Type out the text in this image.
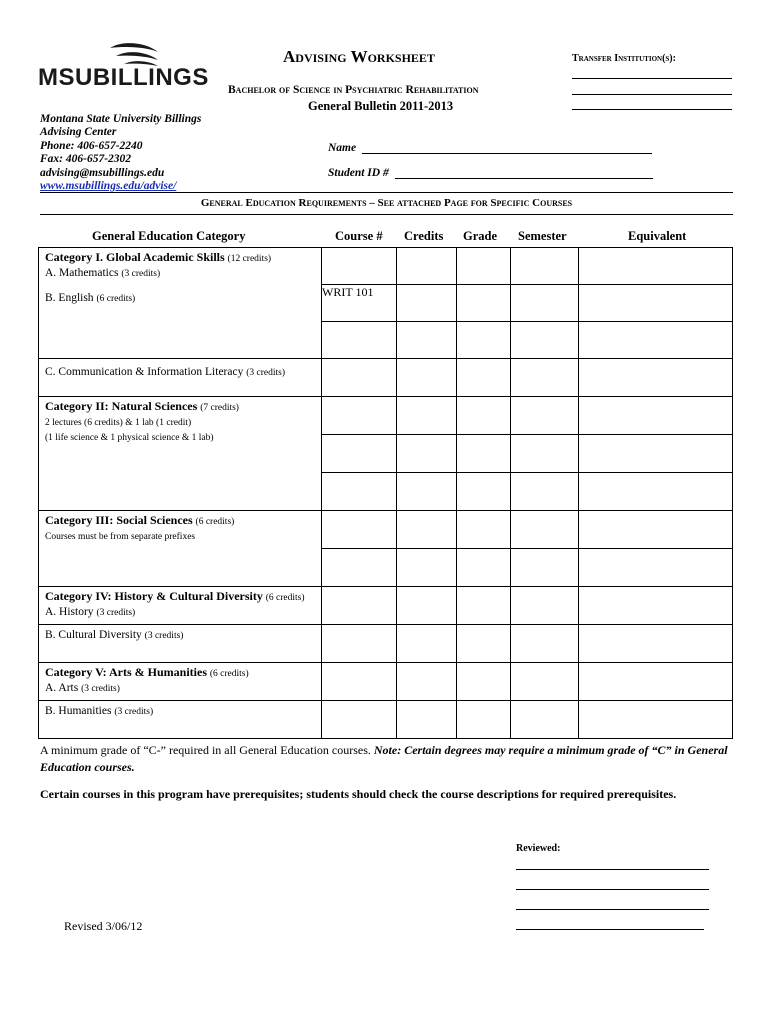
MSUBILLINGS
Advising Worksheet	Transfer Institution(s):
Bachelor of Science in Psychiatric Rehabilitation
General Bulletin 2011-2013
Montana State University Billings
Advising Center
Phone: 406-657-2240
Fax: 406-657-2302
advising@msubillings.edu
www.msubillings.edu/advise/
Name
Student ID #
General Education Requirements – See attached Page for Specific Courses
General Education Category	Course # Credits Grade Semester	Equivalent
Category I. Global Academic Skills (12 credits)
A. Mathematics (3 credits)					

B. English (6 credits)	WRIT 101				

C. Communication & Information Literacy (3 credits)					

Category II: Natural Sciences (7 credits)
2 lectures (6 credits) & 1 lab (1 credit)
(1 life science & 1 physical science & 1 lab)					

Category III: Social Sciences (6 credits)
Courses must be from separate prefixes					

Category IV: History & Cultural Diversity (6 credits)
A. History (3 credits)					

B. Cultural Diversity (3 credits)					

Category V: Arts & Humanities (6 credits)
A. Arts (3 credits)					

B. Humanities (3 credits)					

A minimum grade of “C-” required in all General Education courses. Note: Certain degrees may require a minimum grade of “C” in General Education courses.
Certain courses in this program have prerequisites; students should check the course descriptions for required prerequisites.
Reviewed:
Revised 3/06/12
